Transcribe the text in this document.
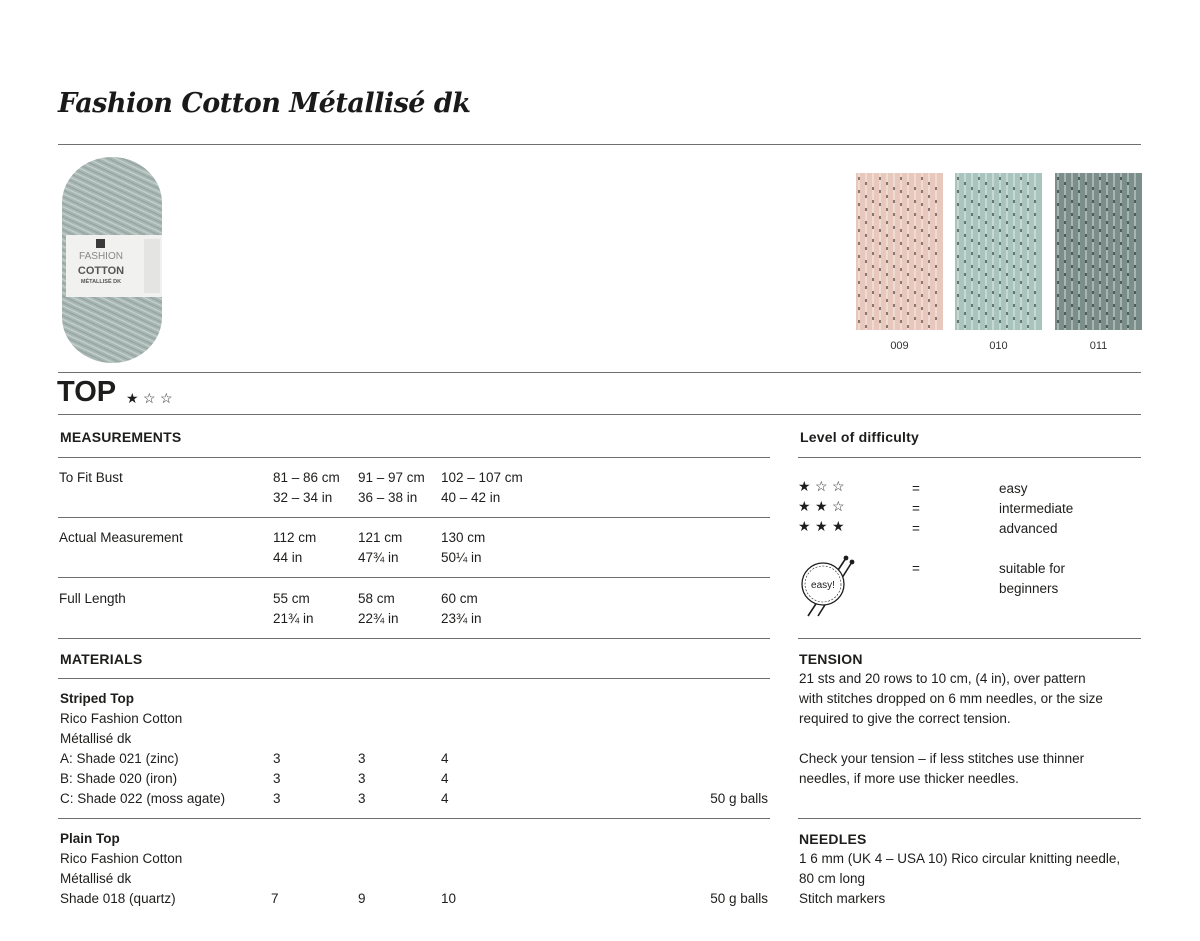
Fashion Cotton Métallisé dk
FASHION
COTTON
MÉTALLISÉ DK
009	010	011
TOP ★ ☆ ☆
MEASUREMENTS
To Fit Bust	81 – 86 cm 91 – 97 cm 102 – 107 cm
32 – 34 in 36 – 38 in 40 – 42 in
Actual Measurement	112 cm	121 cm	130 cm
44 in	47¾ in	50¼ in
Full Length	55 cm	58 cm	60 cm
21¾ in	22¾ in	23¾ in
MATERIALS
Striped Top
Rico Fashion Cotton
Métallisé dk
A: Shade 021 (zinc)	3	3	4
B: Shade 020 (iron)	3	3	4
C: Shade 022 (moss agate)	3	3	4	50 g balls
Plain Top
Rico Fashion Cotton
Métallisé dk
Shade 018 (quartz)	7	9	10	50 g balls
Level of difficulty
★ ☆ ☆	=	easy
★ ★ ☆	=	intermediate
★ ★ ★	=	advanced
easy!
=	suitable for
beginners
TENSION
21 sts and 20 rows to 10 cm, (4 in), over pattern
with stitches dropped on 6 mm needles, or the size
required to give the correct tension.
Check your tension – if less stitches use thinner
needles, if more use thicker needles.
NEEDLES
1 6 mm (UK 4 – USA 10) Rico circular knitting needle,
80 cm long
Stitch markers
